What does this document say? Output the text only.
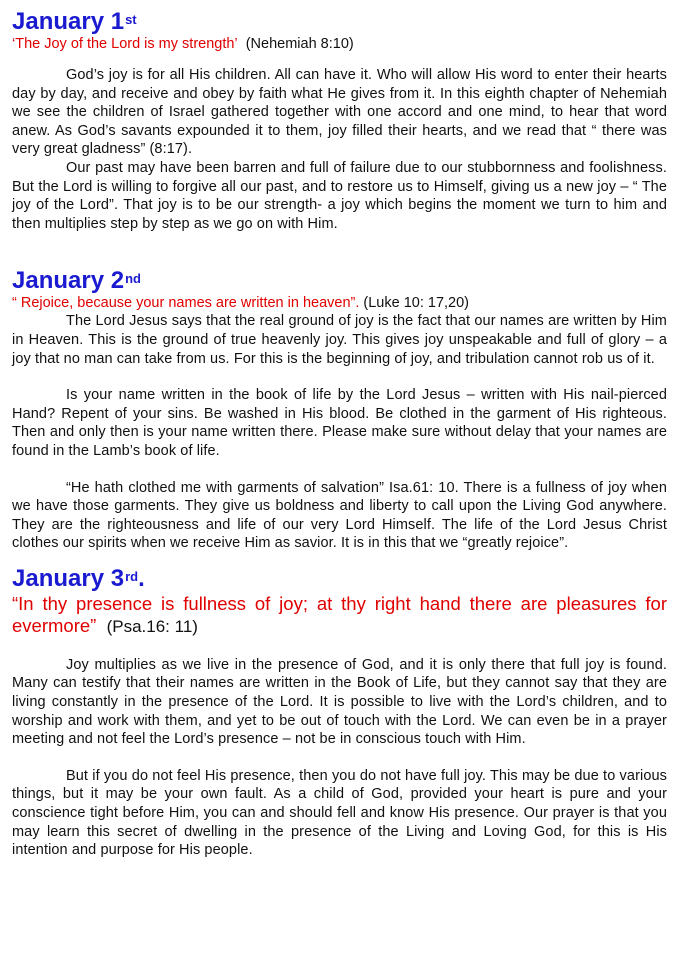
January 1st

‘The Joy of the Lord is my strength’ (Nehemiah 8:10)

God’s joy is for all His children. All can have it. Who will allow His word to enter their hearts day by day, and receive and obey by faith what He gives from it. In this eighth chapter of Nehemiah we see the children of Israel gathered together with one accord and one mind, to hear that word anew. As God’s savants expounded it to them, joy filled their hearts, and we read that “ there was very great gladness” (8:17).

Our past may have been barren and full of failure due to our stubbornness and foolishness. But the Lord is willing to forgive all our past, and to restore us to Himself, giving us a new joy – “ The joy of the Lord”. That joy is to be our strength- a joy which begins the moment we turn to him and then multiplies step by step as we go on with Him.

January 2nd

“ Rejoice, because your names are written in heaven”. (Luke 10: 17,20)

The Lord Jesus says that the real ground of joy is the fact that our names are written by Him in Heaven. This is the ground of true heavenly joy. This gives joy unspeakable and full of glory – a joy that no man can take from us. For this is the beginning of joy, and tribulation cannot rob us of it.

Is your name written in the book of life by the Lord Jesus – written with His nail-pierced Hand? Repent of your sins. Be washed in His blood. Be clothed in the garment of His righteous. Then and only then is your name written there. Please make sure without delay that your names are found in the Lamb’s book of life.

“He hath clothed me with garments of salvation” Isa.61: 10. There is a fullness of joy when we have those garments. They give us boldness and liberty to call upon the Living God anywhere. They are the righteousness and life of our very Lord Himself. The life of the Lord Jesus Christ clothes our spirits when we receive Him as savior. It is in this that we “greatly rejoice”.

January 3rd.

“In thy presence is fullness of joy; at thy right hand there are pleasures for evermore” (Psa.16: 11)

Joy multiplies as we live in the presence of God, and it is only there that full joy is found. Many can testify that their names are written in the Book of Life, but they cannot say that they are living constantly in the presence of the Lord. It is possible to live with the Lord’s children, and to worship and work with them, and yet to be out of touch with the Lord. We can even be in a prayer meeting and not feel the Lord’s presence – not be in conscious touch with Him.

But if you do not feel His presence, then you do not have full joy. This may be due to various things, but it may be your own fault. As a child of God, provided your heart is pure and your conscience tight before Him, you can and should fell and know His presence. Our prayer is that you may learn this secret of dwelling in the presence of the Living and Loving God, for this is His intention and purpose for His people.
